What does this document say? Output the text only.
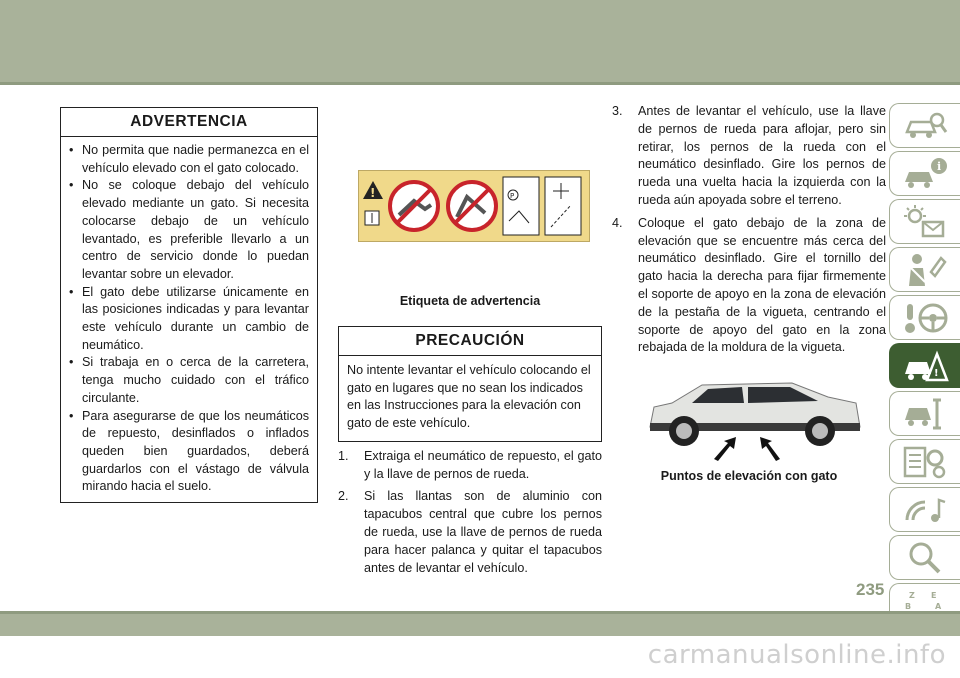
ADVERTENCIA
• No permita que nadie permanezca en el vehículo elevado con el gato colocado.
• No se coloque debajo del vehículo elevado mediante un gato. Si necesita colocarse debajo de un vehículo levantado, es preferible llevarlo a un centro de servicio donde lo puedan levantar sobre un elevador.
• El gato debe utilizarse únicamente en las posiciones indicadas y para levantar este vehículo durante un cambio de neumático.
• Si trabaja en o cerca de la carretera, tenga mucho cuidado con el tráfico circulante.
• Para asegurarse de que los neumáticos de repuesto, desinflados o inflados queden bien guardados, deberá guardarlos con el vástago de válvula mirando hacia el suelo.
!	P
Etiqueta de advertencia
PRECAUCIÓN
No intente levantar el vehículo colocando el gato en lugares que no sean los indicados en las Instrucciones para la elevación con gato de este vehículo.
1. Extraiga el neumático de repuesto, el gato y la llave de pernos de rueda.
2. Si las llantas son de aluminio con tapacubos central que cubre los pernos de rueda, use la llave de pernos de rueda para hacer palanca y quitar el tapacubos antes de levantar el vehículo.
3. Antes de levantar el vehículo, use la llave de pernos de rueda para aflojar, pero sin retirar, los pernos de la rueda con el neumático desinflado. Gire los pernos de rueda una vuelta hacia la izquierda con la rueda aún apoyada sobre el terreno.
4. Coloque el gato debajo de la zona de elevación que se encuentre más cerca del neumático desinflado. Gire el tornillo del gato hacia la derecha para fijar firmemente el soporte de apoyo en la zona de elevación de la pestaña de la vigueta, centrando el soporte de apoyo del gato en la zona rebajada de la moldura de la vigueta.
Puntos de elevación con gato
i
!
Z E
B	A
235
carmanualsonline.info
